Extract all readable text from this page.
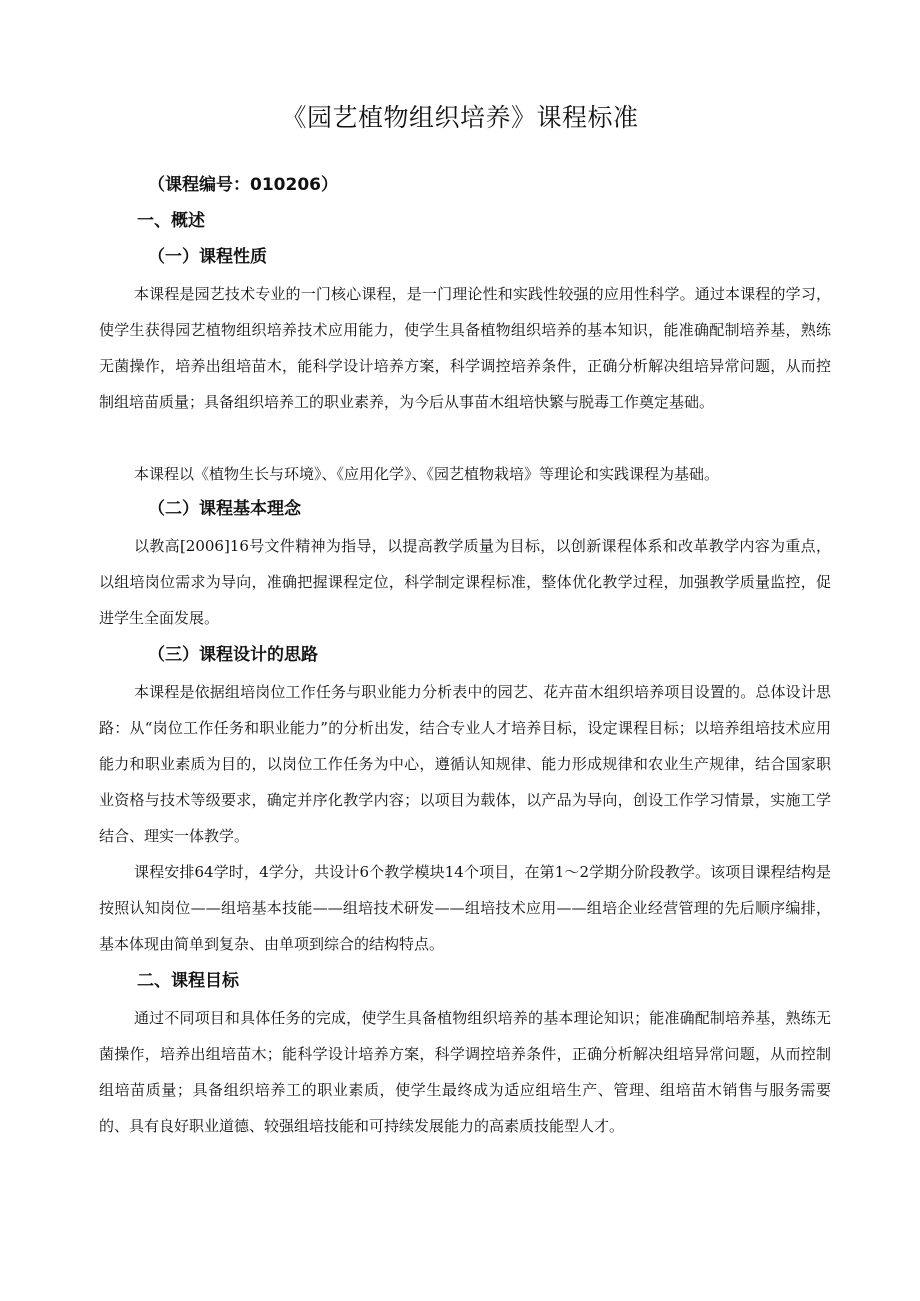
《园艺植物组织培养》课程标准

（课程编号：010206）

一、概述

（一）课程性质

本课程是园艺技术专业的一门核心课程，是一门理论性和实践性较强的应用性科学。通过本课程的学习，使学生获得园艺植物组织培养技术应用能力，使学生具备植物组织培养的基本知识，能准确配制培养基，熟练无菌操作，培养出组培苗木，能科学设计培养方案，科学调控培养条件，正确分析解决组培异常问题，从而控制组培苗质量；具备组织培养工的职业素养，为今后从事苗木组培快繁与脱毒工作奠定基础。

本课程以《植物生长与环境》、《应用化学》、《园艺植物栽培》等理论和实践课程为基础。

（二）课程基本理念

以教高[2006]16号文件精神为指导，以提高教学质量为目标，以创新课程体系和改革教学内容为重点，以组培岗位需求为导向，准确把握课程定位，科学制定课程标准，整体优化教学过程，加强教学质量监控，促进学生全面发展。

（三）课程设计的思路

本课程是依据组培岗位工作任务与职业能力分析表中的园艺、花卉苗木组织培养项目设置的。总体设计思路：从“岗位工作任务和职业能力”的分析出发，结合专业人才培养目标，设定课程目标；以培养组培技术应用能力和职业素质为目的，以岗位工作任务为中心，遵循认知规律、能力形成规律和农业生产规律，结合国家职业资格与技术等级要求，确定并序化教学内容；以项目为载体，以产品为导向，创设工作学习情景，实施工学结合、理实一体教学。

课程安排64学时，4学分，共设计6个教学模块14个项目，在第1～2学期分阶段教学。该项目课程结构是按照认知岗位——组培基本技能——组培技术研发——组培技术应用——组培企业经营管理的先后顺序编排，基本体现由简单到复杂、由单项到综合的结构特点。

二、课程目标

通过不同项目和具体任务的完成，使学生具备植物组织培养的基本理论知识；能准确配制培养基，熟练无菌操作，培养出组培苗木；能科学设计培养方案，科学调控培养条件，正确分析解决组培异常问题，从而控制组培苗质量；具备组织培养工的职业素质，使学生最终成为适应组培生产、管理、组培苗木销售与服务需要的、具有良好职业道德、较强组培技能和可持续发展能力的高素质技能型人才。
